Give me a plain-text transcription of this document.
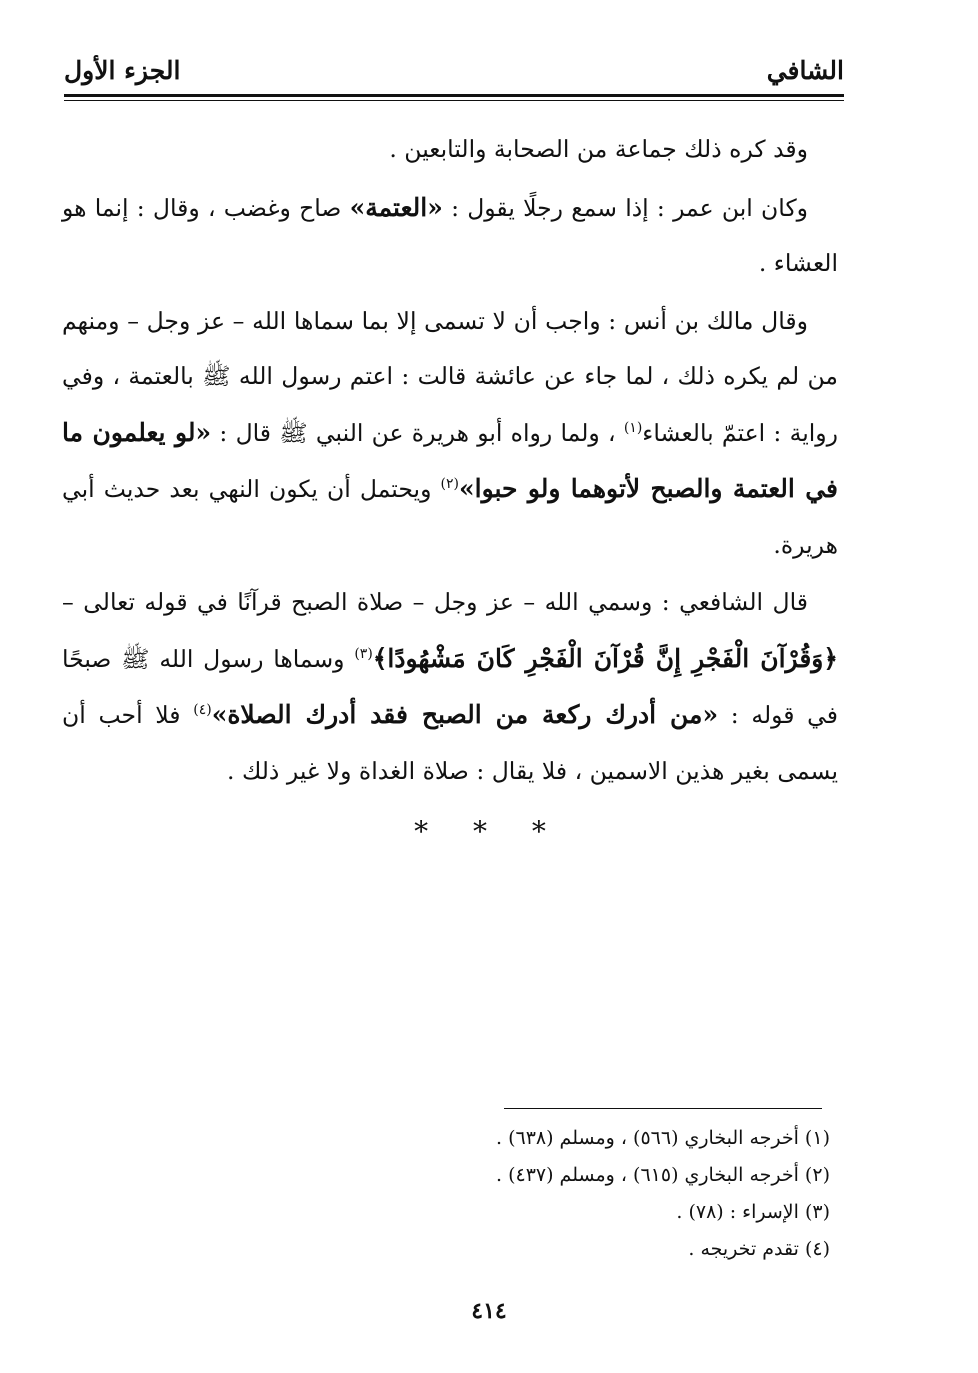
الشافي
الجزء الأول

وقد كره ذلك جماعة من الصحابة والتابعين .

وكان ابن عمر : إذا سمع رجلًا يقول : «العتمة» صاح وغضب ، وقال : إنما هو العشاء .

وقال مالك بن أنس : واجب أن لا تسمى إلا بما سماها الله – عز وجل – ومنهم من لم يكره ذلك ، لما جاء عن عائشة قالت : اعتم رسول الله ﷺ بالعتمة ، وفي رواية : اعتمّ بالعشاء$^{(١)}$ ، ولما رواه أبو هريرة عن النبي ﷺ قال : «لو يعلمون ما في العتمة والصبح لأتوهما ولو حبوا»$^{(٢)}$ ويحتمل أن يكون النهي بعد حديث أبي هريرة.

قال الشافعي : وسمي الله – عز وجل – صلاة الصبح قرآنًا في قوله تعالى – ﴿وَقُرْآنَ الْفَجْرِ إِنَّ قُرْآنَ الْفَجْرِ كَانَ مَشْهُودًا﴾$^{(٣)}$ وسماها رسول الله ﷺ صبحًا في قوله : «من أدرك ركعة من الصبح فقد أدرك الصلاة»$^{(٤)}$ فلا أحب أن يسمى بغير هذين الاسمين ، فلا يقال : صلاة الغداة ولا غير ذلك .

* * *
(١) أخرجه البخاري (٥٦٦) ، ومسلم (٦٣٨) .
(٢) أخرجه البخاري (٦١٥) ، ومسلم (٤٣٧) .
(٣) الإسراء : (٧٨) .
(٤) تقدم تخريجه .
٤١٤
